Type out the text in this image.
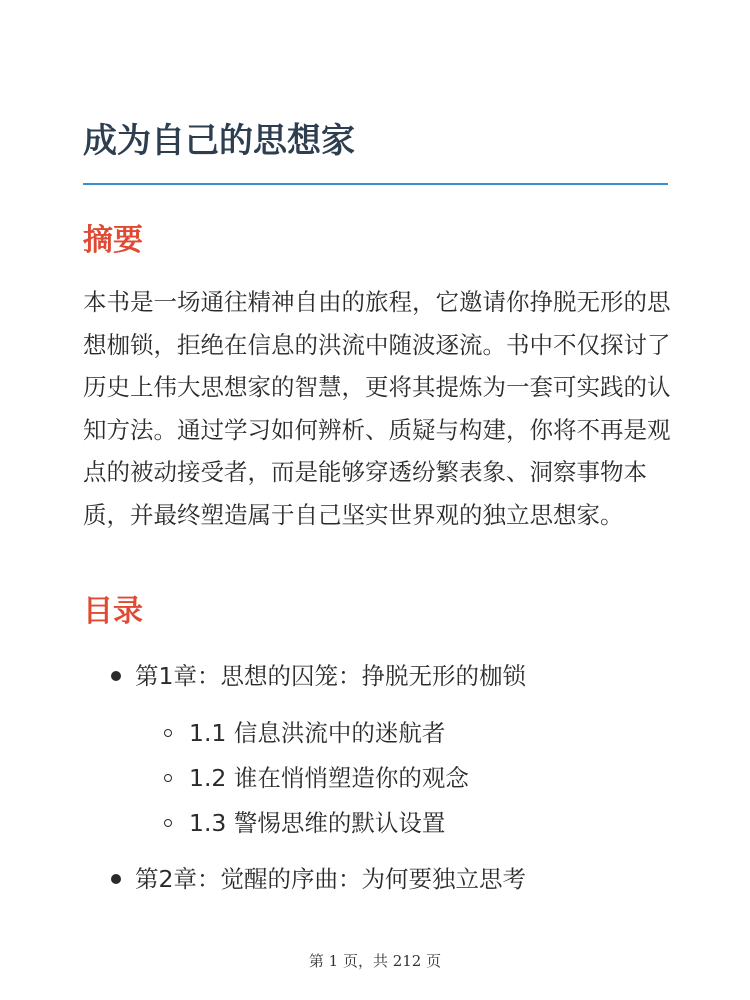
成为自己的思想家
摘要

本书是一场通往精神自由的旅程，它邀请你挣脱无形的思想枷锁，拒绝在信息的洪流中随波逐流。书中不仅探讨了历史上伟大思想家的智慧，更将其提炼为一套可实践的认知方法。通过学习如何辨析、质疑与构建，你将不再是观点的被动接受者，而是能够穿透纷繁表象、洞察事物本质，并最终塑造属于自己坚实世界观的独立思想家。

目录
第1章：思想的囚笼：挣脱无形的枷锁
1.1 信息洪流中的迷航者
1.2 谁在悄悄塑造你的观念
1.3 警惕思维的默认设置
第2章：觉醒的序曲：为何要独立思考
第 1 页，共 212 页
